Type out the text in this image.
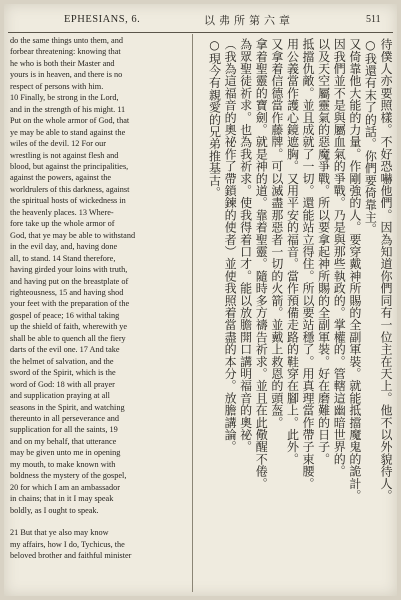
EPHESIANS, 6.	以弗所第六章	511
do the same things unto them, and
forbear threatening: knowing that
he who is both their Master and
yours is in heaven, and there is no
respect of persons with him.
10 Finally, be strong in the Lord,
and in the strength of his might. 11
Put on the whole armor of God, that
ye may be able to stand against the
wiles of the devil. 12 For our
wrestling is not against flesh and
blood, but against the principalities,
against the powers, against the
worldrulers of this darkness, against
the spiritual hosts of wickedness in
the heavenly places. 13 Where-
fore take up the whole armor of
God, that ye may be able to withstand
in the evil day, and, having done
all, to stand. 14 Stand therefore,
having girded your loins with truth,
and having put on the breastplate of
righteousness, 15 and having shod
your feet with the preparation of the
gospel of peace; 16 withal taking
up the shield of faith, wherewith ye
shall be able to quench all the fiery
darts of the evil one. 17 And take
the helmet of salvation, and the
sword of the Spirit, which is the
word of God: 18 with all prayer
and supplication praying at all
seasons in the Spirit, and watching
thereunto in all perseverance and
supplication for all the saints, 19
and on my behalf, that utterance
may be given unto me in opening
my mouth, to make known with
boldness the mystery of the gospel,
20 for which I am an ambassador
in chains; that in it I may speak
boldly, as I ought to speak.

21 But that ye also may know
my affairs, how I do, Tychicus, the
beloved brother and faithful minister
待僕人亦要照樣。不好恐嚇他們。因為知道你們同有一位主在天上。他不以外貌待人。
○我還有末了的話。你們要倚靠主。
又倚靠他大能的力量。作剛強的人。要穿戴神所賜的全副軍裝。就能抵擋魔鬼的詭計。
因我們並不是與屬血氣的爭戰。乃是與那些執政的。掌權的。管轄這幽暗世界的。
以及天空屬靈氣的惡魔爭戰。所以要拿起神所賜的全副軍裝。好在磨難的日子。
抵擋仇敵。並且成就了一切。還能站立得住。所以要站穩了。用真理當作帶子束腰。
用公義當作護心鏡遮胸。又用平安的福音。當作預備走路的鞋穿在腳上。此外。
又拿着信德當作藤牌。可以滅盡那惡者一切的火箭。並戴上救恩的頭盔。
拿着聖靈的寶劍。就是神的道。靠着聖靈。隨時多方禱告祈求。並且在此儆醒不倦。
為眾聖徒祈求。也為我祈求。使我得着口才。能以放膽開口講明福音的奧祕。
（我為這福音的奧祕作了帶鎖鍊的使者）並使我照着當盡的本分。放膽講論。
○現今有親愛的兄弟推基古。
